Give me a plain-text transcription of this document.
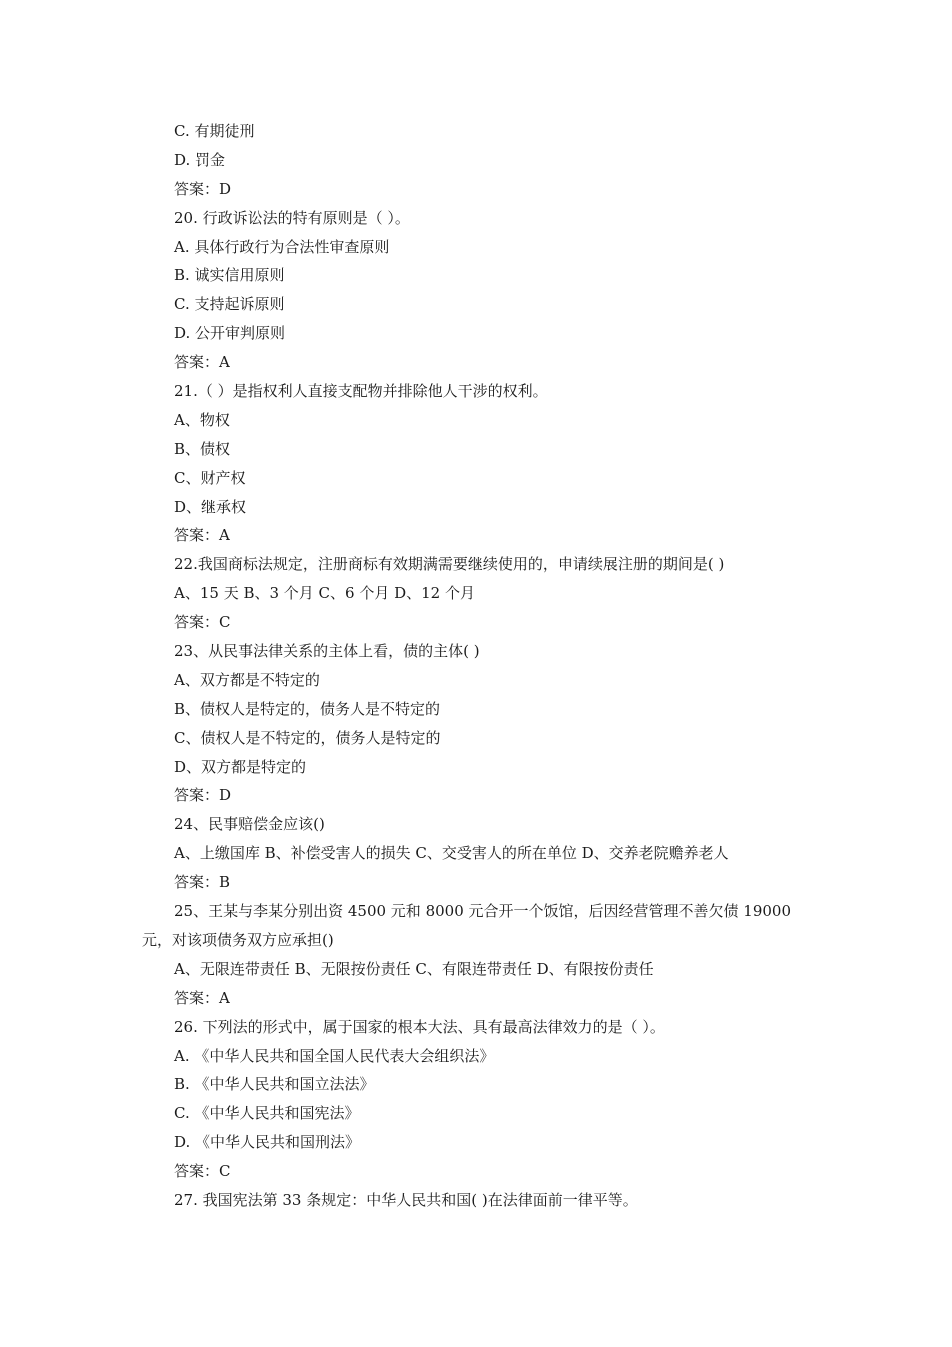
C. 有期徒刑
D. 罚金
答案：D
20. 行政诉讼法的特有原则是（ ）。
A. 具体行政行为合法性审查原则
B. 诚实信用原则
C. 支持起诉原则
D. 公开审判原则
答案：A
21.（ ）是指权利人直接支配物并排除他人干涉的权利。
A、物权
B、债权
C、财产权
D、继承权
答案：A
22.我国商标法规定，注册商标有效期满需要继续使用的，申请续展注册的期间是( )
A、15 天 B、3 个月 C、6 个月 D、12 个月
答案：C
23、从民事法律关系的主体上看，债的主体( )
A、双方都是不特定的
B、债权人是特定的，债务人是不特定的
C、债权人是不特定的，债务人是特定的
D、双方都是特定的
答案：D
24、民事赔偿金应该()
A、上缴国库 B、补偿受害人的损失 C、交受害人的所在单位 D、交养老院赡养老人
答案：B
25、王某与李某分别出资 4500 元和 8000 元合开一个饭馆，后因经营管理不善欠债 19000
元，对该项债务双方应承担()
A、无限连带责任 B、无限按份责任 C、有限连带责任 D、有限按份责任
答案：A
26. 下列法的形式中，属于国家的根本大法、具有最高法律效力的是（ ）。
A. 《中华人民共和国全国人民代表大会组织法》
B. 《中华人民共和国立法法》
C. 《中华人民共和国宪法》
D. 《中华人民共和国刑法》
答案：C
27. 我国宪法第 33 条规定：中华人民共和国( )在法律面前一律平等。
